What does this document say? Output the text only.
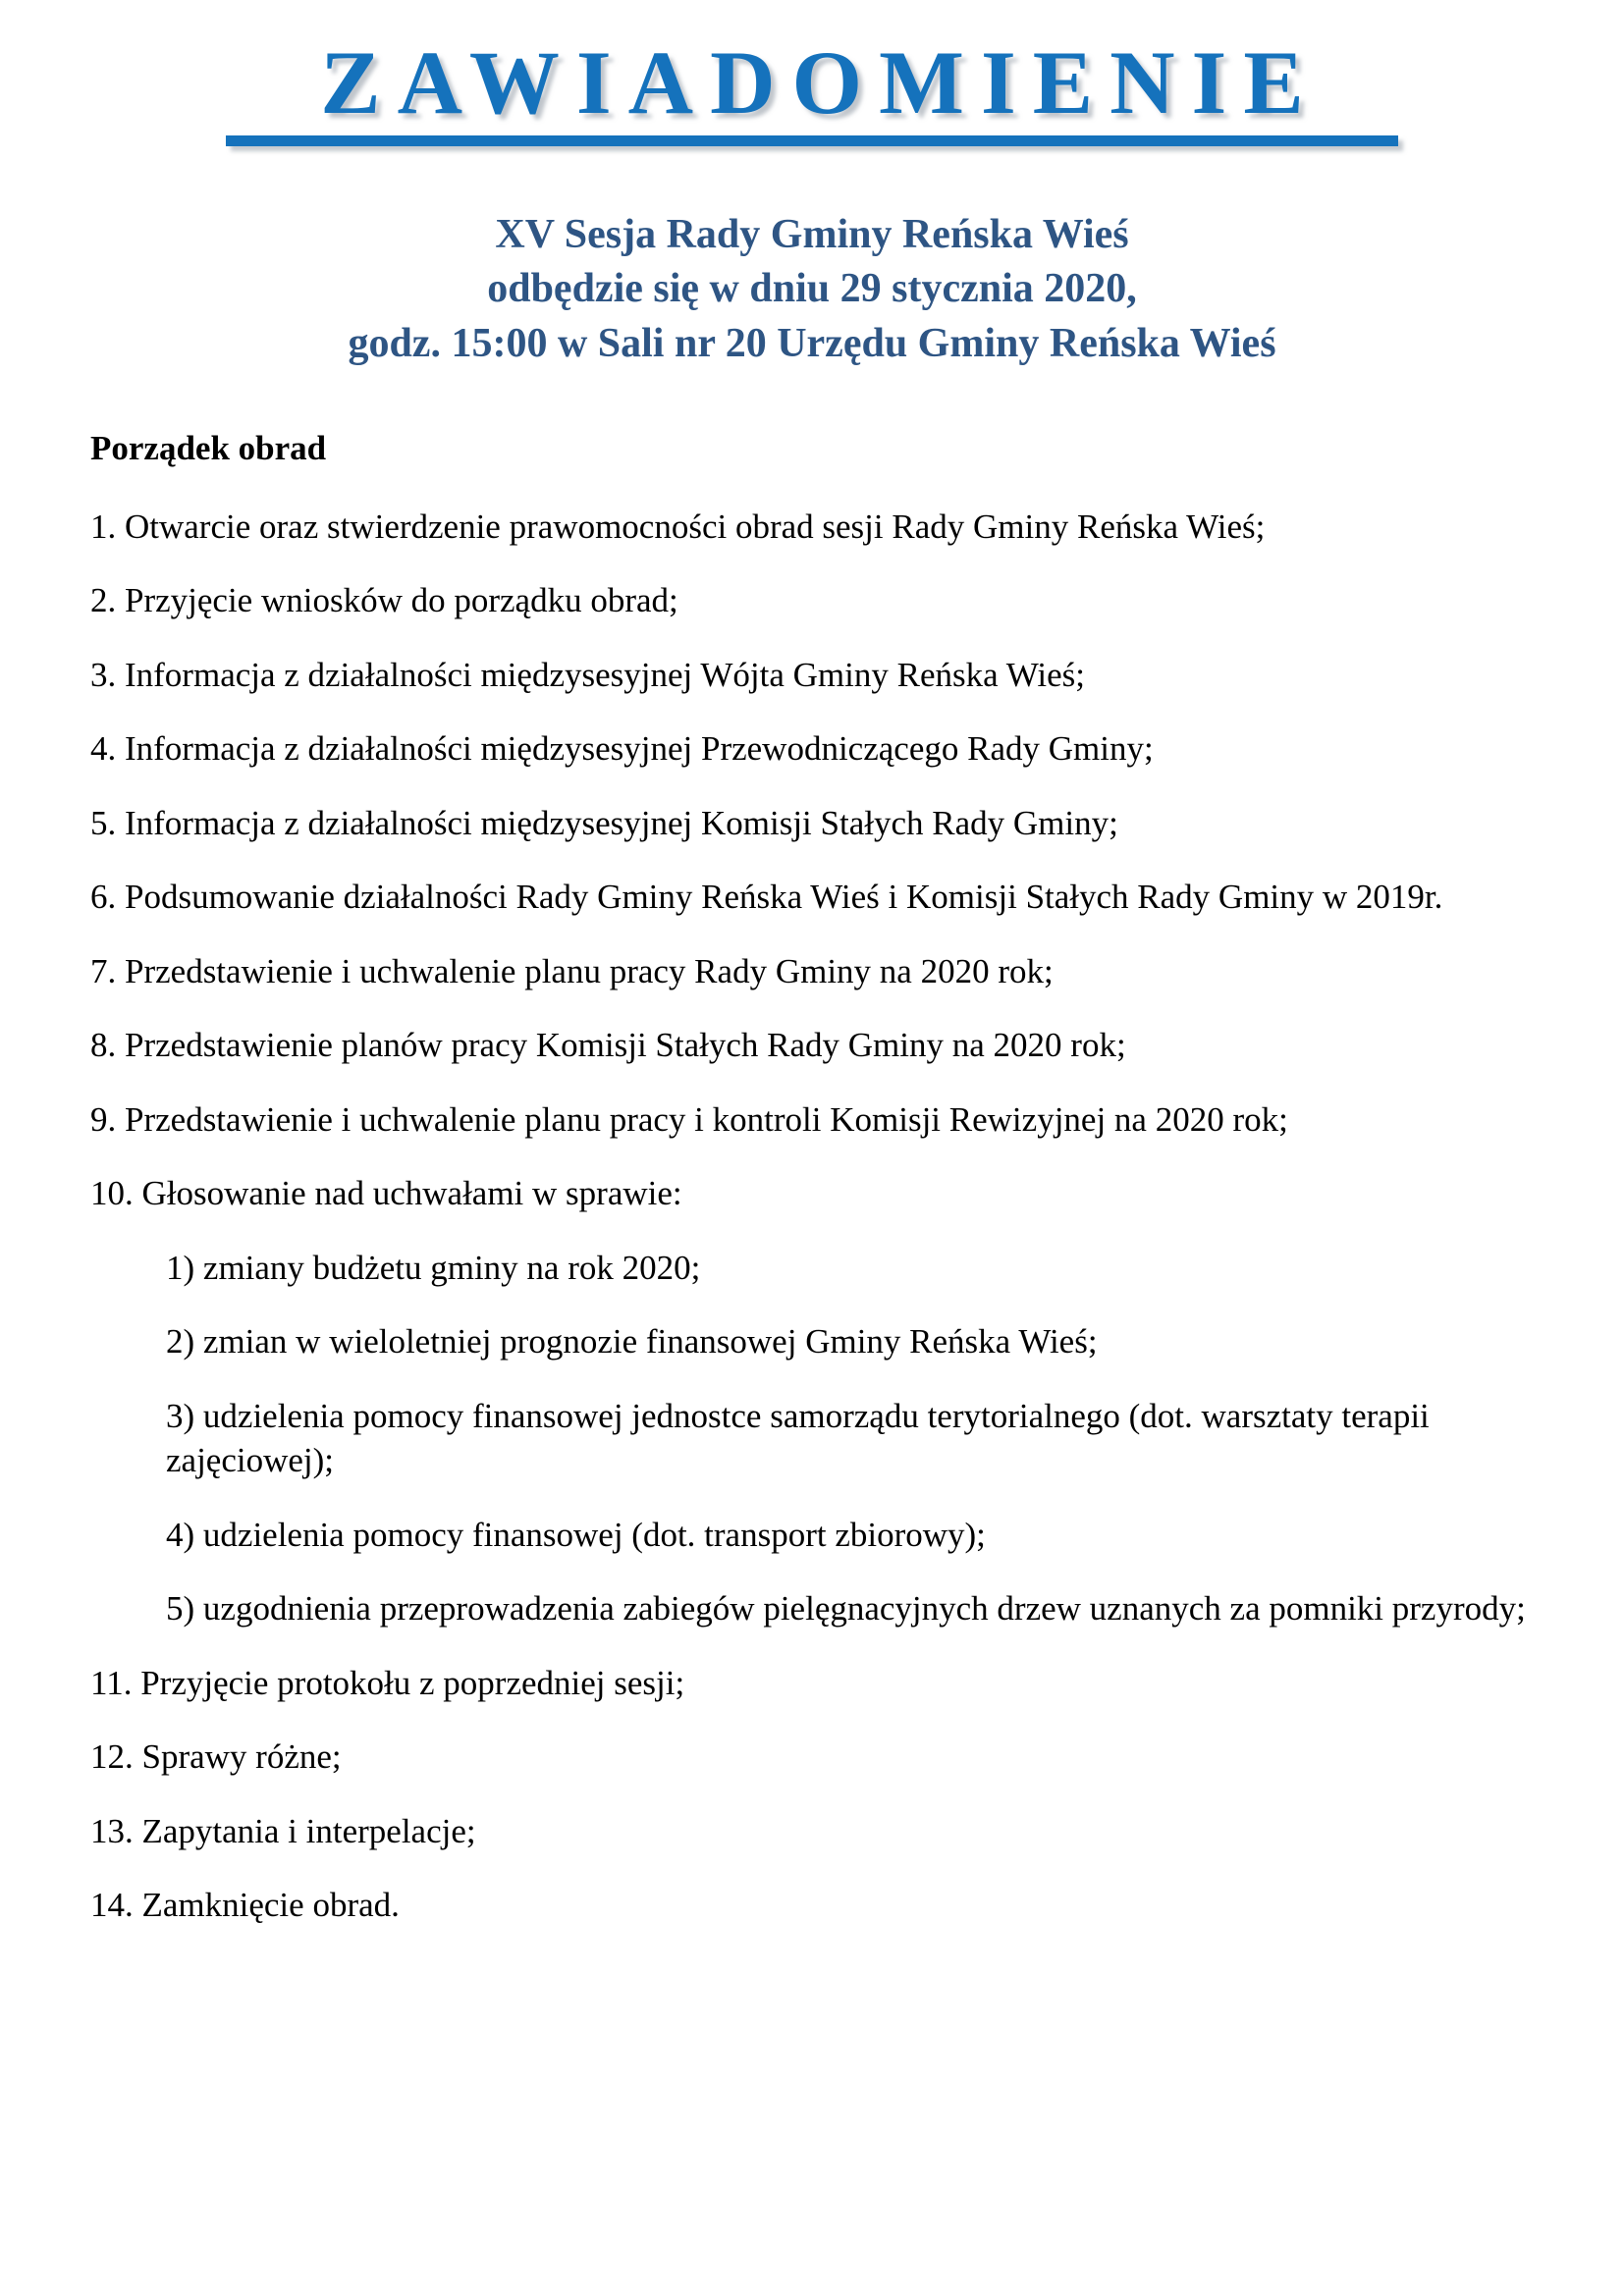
ZAWIADOMIENIE
XV Sesja Rady Gminy Reńska Wieś
odbędzie się w dniu 29 stycznia 2020,
godz. 15:00 w Sali nr 20 Urzędu Gminy Reńska Wieś

Porządek obrad

1. Otwarcie oraz stwierdzenie prawomocności obrad sesji Rady Gminy Reńska Wieś;

2. Przyjęcie wniosków do porządku obrad;

3. Informacja z działalności międzysesyjnej Wójta Gminy Reńska Wieś;

4. Informacja z działalności międzysesyjnej Przewodniczącego Rady Gminy;

5. Informacja z działalności międzysesyjnej Komisji Stałych Rady Gminy;

6. Podsumowanie działalności Rady Gminy Reńska Wieś i Komisji Stałych Rady Gminy w 2019r.

7. Przedstawienie i uchwalenie planu pracy Rady Gminy na 2020 rok;

8. Przedstawienie planów pracy Komisji Stałych Rady Gminy na 2020 rok;

9. Przedstawienie i uchwalenie planu pracy i kontroli Komisji Rewizyjnej na 2020 rok;

10. Głosowanie nad uchwałami w sprawie:

1) zmiany budżetu gminy na rok 2020;
2) zmian w wieloletniej prognozie finansowej Gminy Reńska Wieś;
3) udzielenia pomocy finansowej jednostce samorządu terytorialnego (dot. warsztaty terapii zajęciowej);
4) udzielenia pomocy finansowej (dot. transport zbiorowy);
5) uzgodnienia przeprowadzenia zabiegów pielęgnacyjnych drzew uznanych za pomniki przyrody;

11. Przyjęcie protokołu z poprzedniej sesji;

12. Sprawy różne;

13. Zapytania i interpelacje;

14. Zamknięcie obrad.
